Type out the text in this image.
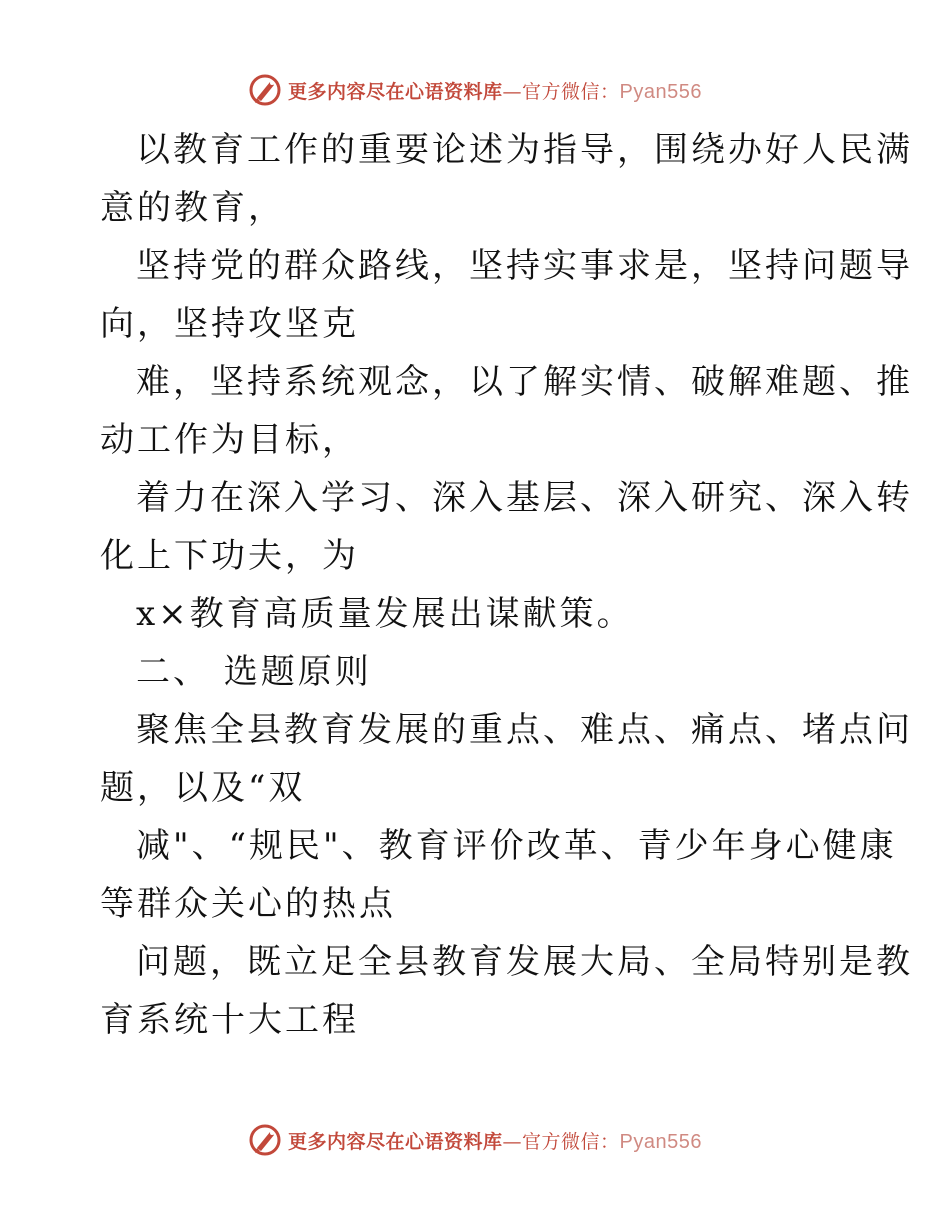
更多内容尽在心语资料库—官方微信：Pyan556
以教育工作的重要论述为指导，围绕办好人民满
意的教育，
坚持党的群众路线，坚持实事求是，坚持问题导
向，坚持攻坚克
难，坚持系统观念，以了解实情、破解难题、推
动工作为目标，
着力在深入学习、深入基层、深入研究、深入转
化上下功夫，为
x×教育高质量发展出谋献策。
二、 选题原则
聚焦全县教育发展的重点、难点、痛点、堵点问
题，以及“双
减"、“规民"、教育评价改革、青少年身心健康
等群众关心的热点
问题，既立足全县教育发展大局、全局特别是教
育系统十大工程
更多内容尽在心语资料库—官方微信：Pyan556
